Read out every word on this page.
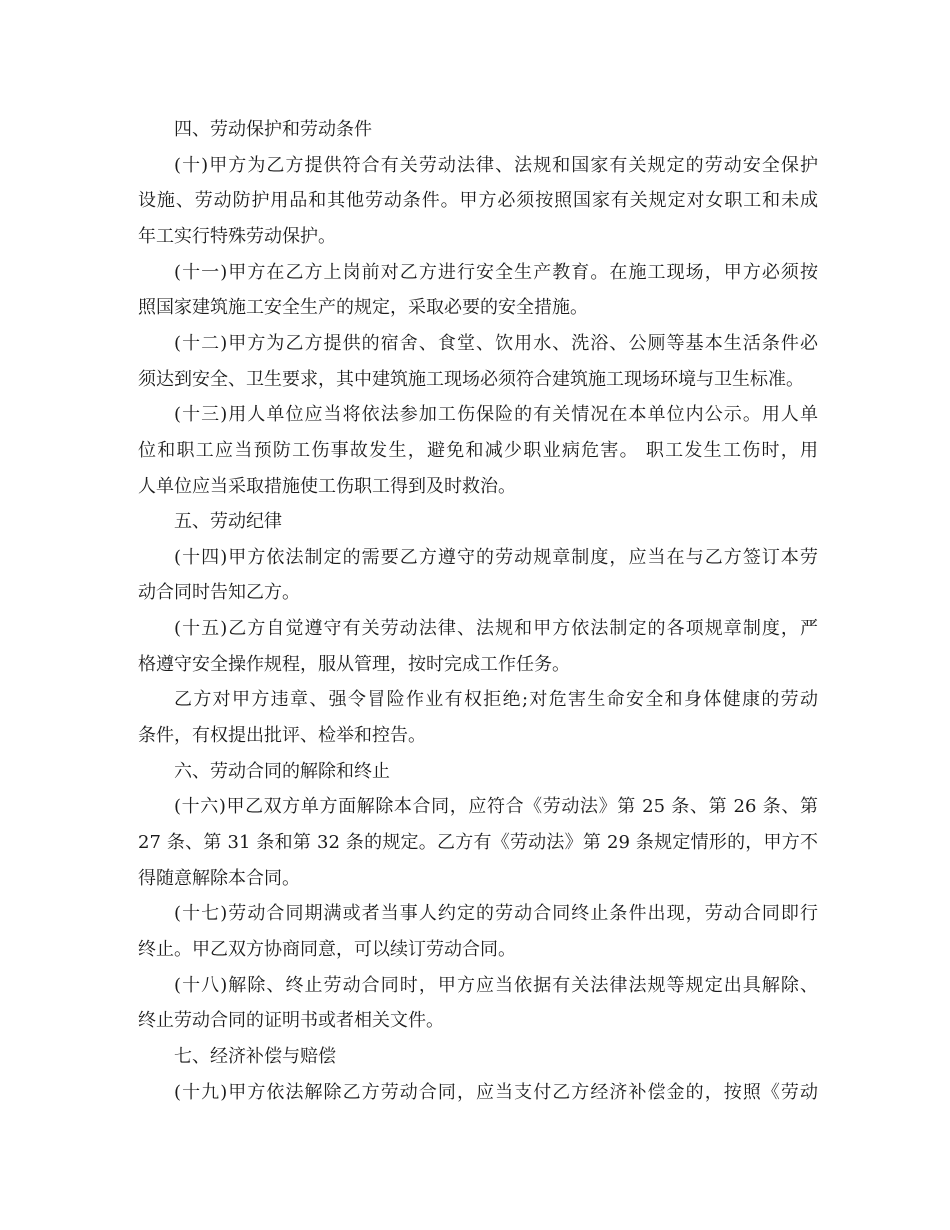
四、劳动保护和劳动条件
(十)甲方为乙方提供符合有关劳动法律、法规和国家有关规定的劳动安全保护
设施、劳动防护用品和其他劳动条件。甲方必须按照国家有关规定对女职工和未成
年工实行特殊劳动保护。
(十一)甲方在乙方上岗前对乙方进行安全生产教育。在施工现场，甲方必须按
照国家建筑施工安全生产的规定，采取必要的安全措施。
(十二)甲方为乙方提供的宿舍、食堂、饮用水、洗浴、公厕等基本生活条件必
须达到安全、卫生要求，其中建筑施工现场必须符合建筑施工现场环境与卫生标准。
(十三)用人单位应当将依法参加工伤保险的有关情况在本单位内公示。用人单
位和职工应当预防工伤事故发生，避免和减少职业病危害。 职工发生工伤时，用
人单位应当采取措施使工伤职工得到及时救治。
五、劳动纪律
(十四)甲方依法制定的需要乙方遵守的劳动规章制度，应当在与乙方签订本劳
动合同时告知乙方。
(十五)乙方自觉遵守有关劳动法律、法规和甲方依法制定的各项规章制度，严
格遵守安全操作规程，服从管理，按时完成工作任务。
乙方对甲方违章、强令冒险作业有权拒绝;对危害生命安全和身体健康的劳动
条件，有权提出批评、检举和控告。
六、劳动合同的解除和终止
(十六)甲乙双方单方面解除本合同，应符合《劳动法》第 25 条、第 26 条、第
27 条、第 31 条和第 32 条的规定。乙方有《劳动法》第 29 条规定情形的，甲方不
得随意解除本合同。
(十七)劳动合同期满或者当事人约定的劳动合同终止条件出现，劳动合同即行
终止。甲乙双方协商同意，可以续订劳动合同。
(十八)解除、终止劳动合同时，甲方应当依据有关法律法规等规定出具解除、
终止劳动合同的证明书或者相关文件。
七、经济补偿与赔偿
(十九)甲方依法解除乙方劳动合同，应当支付乙方经济补偿金的，按照《劳动
